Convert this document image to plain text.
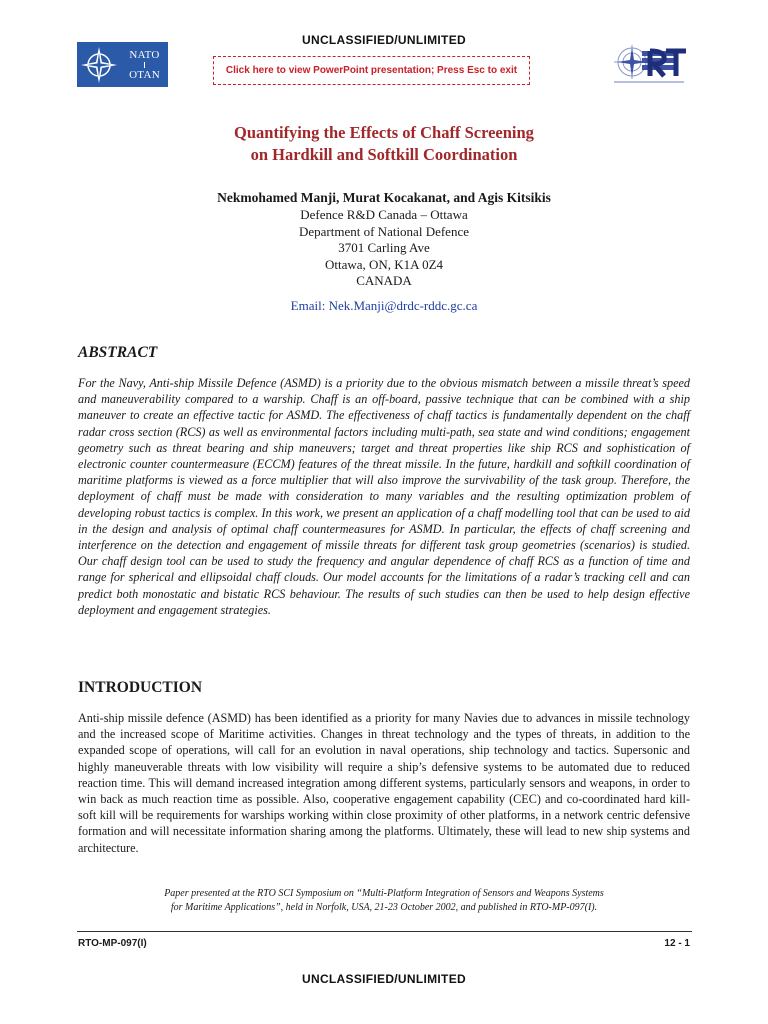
UNCLASSIFIED/UNLIMITED
NATO
OTAN	Click here to view PowerPoint presentation; Press Esc to exit
Quantifying the Effects of Chaff Screening
on Hardkill and Softkill Coordination
Nekmohamed Manji, Murat Kocakanat, and Agis Kitsikis
Defence R&D Canada – Ottawa
Department of National Defence
3701 Carling Ave
Ottawa, ON, K1A 0Z4
CANADA
Email: Nek.Manji@drdc-rddc.gc.ca
ABSTRACT
For the Navy, Anti-ship Missile Defence (ASMD) is a priority due to the obvious mismatch between a missile threat’s speed and maneuverability compared to a warship. Chaff is an off-board, passive technique that can be combined with a ship maneuver to create an effective tactic for ASMD. The effectiveness of chaff tactics is fundamentally dependent on the chaff radar cross section (RCS) as well as environmental factors including multi-path, sea state and wind conditions; engagement geometry such as threat bearing and ship maneuvers; target and threat properties like ship RCS and sophistication of electronic counter countermeasure (ECCM) features of the threat missile. In the future, hardkill and softkill coordination of maritime platforms is viewed as a force multiplier that will also improve the survivability of the task group. Therefore, the deployment of chaff must be made with consideration to many variables and the resulting optimization problem of developing robust tactics is complex. In this work, we present an application of a chaff modelling tool that can be used to aid in the design and analysis of optimal chaff countermeasures for ASMD. In particular, the effects of chaff screening and interference on the detection and engagement of missile threats for different task group geometries (scenarios) is studied. Our chaff design tool can be used to study the frequency and angular dependence of chaff RCS as a function of time and range for spherical and ellipsoidal chaff clouds. Our model accounts for the limitations of a radar’s tracking cell and can predict both monostatic and bistatic RCS behaviour. The results of such studies can then be used to help design effective deployment and engagement strategies.
INTRODUCTION
Anti-ship missile defence (ASMD) has been identified as a priority for many Navies due to advances in missile technology and the increased scope of Maritime activities. Changes in threat technology and the types of threats, in addition to the expanded scope of operations, will call for an evolution in naval operations, ship technology and tactics. Supersonic and highly maneuverable threats with low visibility will require a ship’s defensive systems to be automated due to reduced reaction time. This will demand increased integration among different systems, particularly sensors and weapons, in order to win back as much reaction time as possible. Also, cooperative engagement capability (CEC) and co-coordinated hard kill-soft kill will be requirements for warships working within close proximity of other platforms, in a network centric defensive formation and will necessitate information sharing among the platforms. Ultimately, these will lead to new ship systems and architecture.
Paper presented at the RTO SCI Symposium on “Multi-Platform Integration of Sensors and Weapons Systems
for Maritime Applications”, held in Norfolk, USA, 21-23 October 2002, and published in RTO-MP-097(I).
RTO-MP-097(I)	12 - 1
UNCLASSIFIED/UNLIMITED
